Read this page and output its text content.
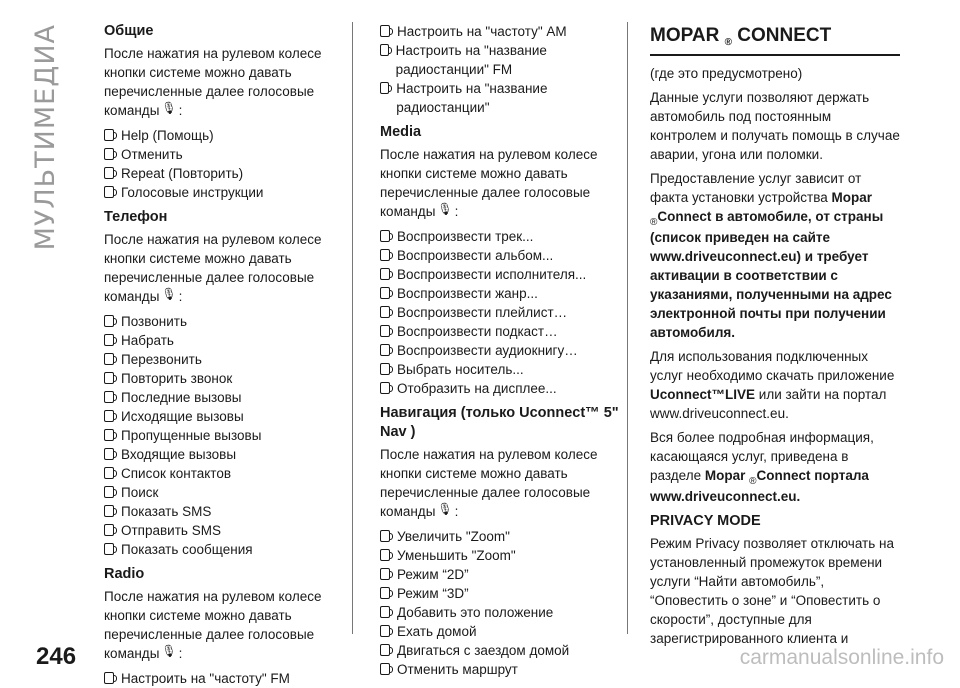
МУЛЬТИМЕДИА
246	carmanualsonline.info
Общие
После нажатия на рулевом колесе кнопки системе можно давать перечисленные далее голосовые команды 🎙 :
Help (Помощь)
Отменить
Repeat (Повторить)
Голосовые инструкции
Телефон
После нажатия на рулевом колесе кнопки системе можно давать перечисленные далее голосовые команды 🎙 :
Позвонить
Набрать
Перезвонить
Повторить звонок
Последние вызовы
Исходящие вызовы
Пропущенные вызовы
Входящие вызовы
Список контактов
Поиск
Показать SMS
Отправить SMS
Показать сообщения
Radio
После нажатия на рулевом колесе кнопки системе можно давать перечисленные далее голосовые команды 🎙 :
Настроить на "частоту" FM
Настроить на "частоту" AM
Настроить на "название радиостанции" FM
Настроить на "название радиостанции"
Media
После нажатия на рулевом колесе кнопки системе можно давать перечисленные далее голосовые команды 🎙 :
Воспроизвести трек...
Воспроизвести альбом...
Воспроизвести исполнителя...
Воспроизвести жанр...
Воспроизвести плейлист…
Воспроизвести подкаст…
Воспроизвести аудиокнигу…
Выбрать носитель...
Отобразить на дисплее...
Навигация (только Uconnect™ 5" Nav )
После нажатия на рулевом колесе кнопки системе можно давать перечисленные далее голосовые команды 🎙 :
Увеличить "Zoom"
Уменьшить "Zoom"
Режим “2D”
Режим “3D”
Добавить это положение
Ехать домой
Двигаться с заездом домой
Отменить маршрут
MOPAR $_®$ CONNECT
(где это предусмотрено)
Данные услуги позволяют держать автомобиль под постоянным контролем и получать помощь в случае аварии, угона или поломки.
Предоставление услуг зависит от факта установки устройства Mopar
$_®$Connect в автомобиле, от страны (список приведен на сайте www.driveuconnect.eu) и требует активации в соответствии с указаниями, полученными на адрес электронной почты при получении автомобиля.
Для использования подключенных услуг необходимо скачать приложение Uconnect™LIVE или зайти на портал www.driveuconnect.eu.
Вся более подробная информация, касающаяся услуг, приведена в разделе Mopar $_®$Connect портала www.driveuconnect.eu.
PRIVACY MODE
Режим Privacy позволяет отключать на установленный промежуток времени услуги “Найти автомобиль”, “Оповестить о зоне” и “Оповестить о скорости”, доступные для зарегистрированного клиента и
